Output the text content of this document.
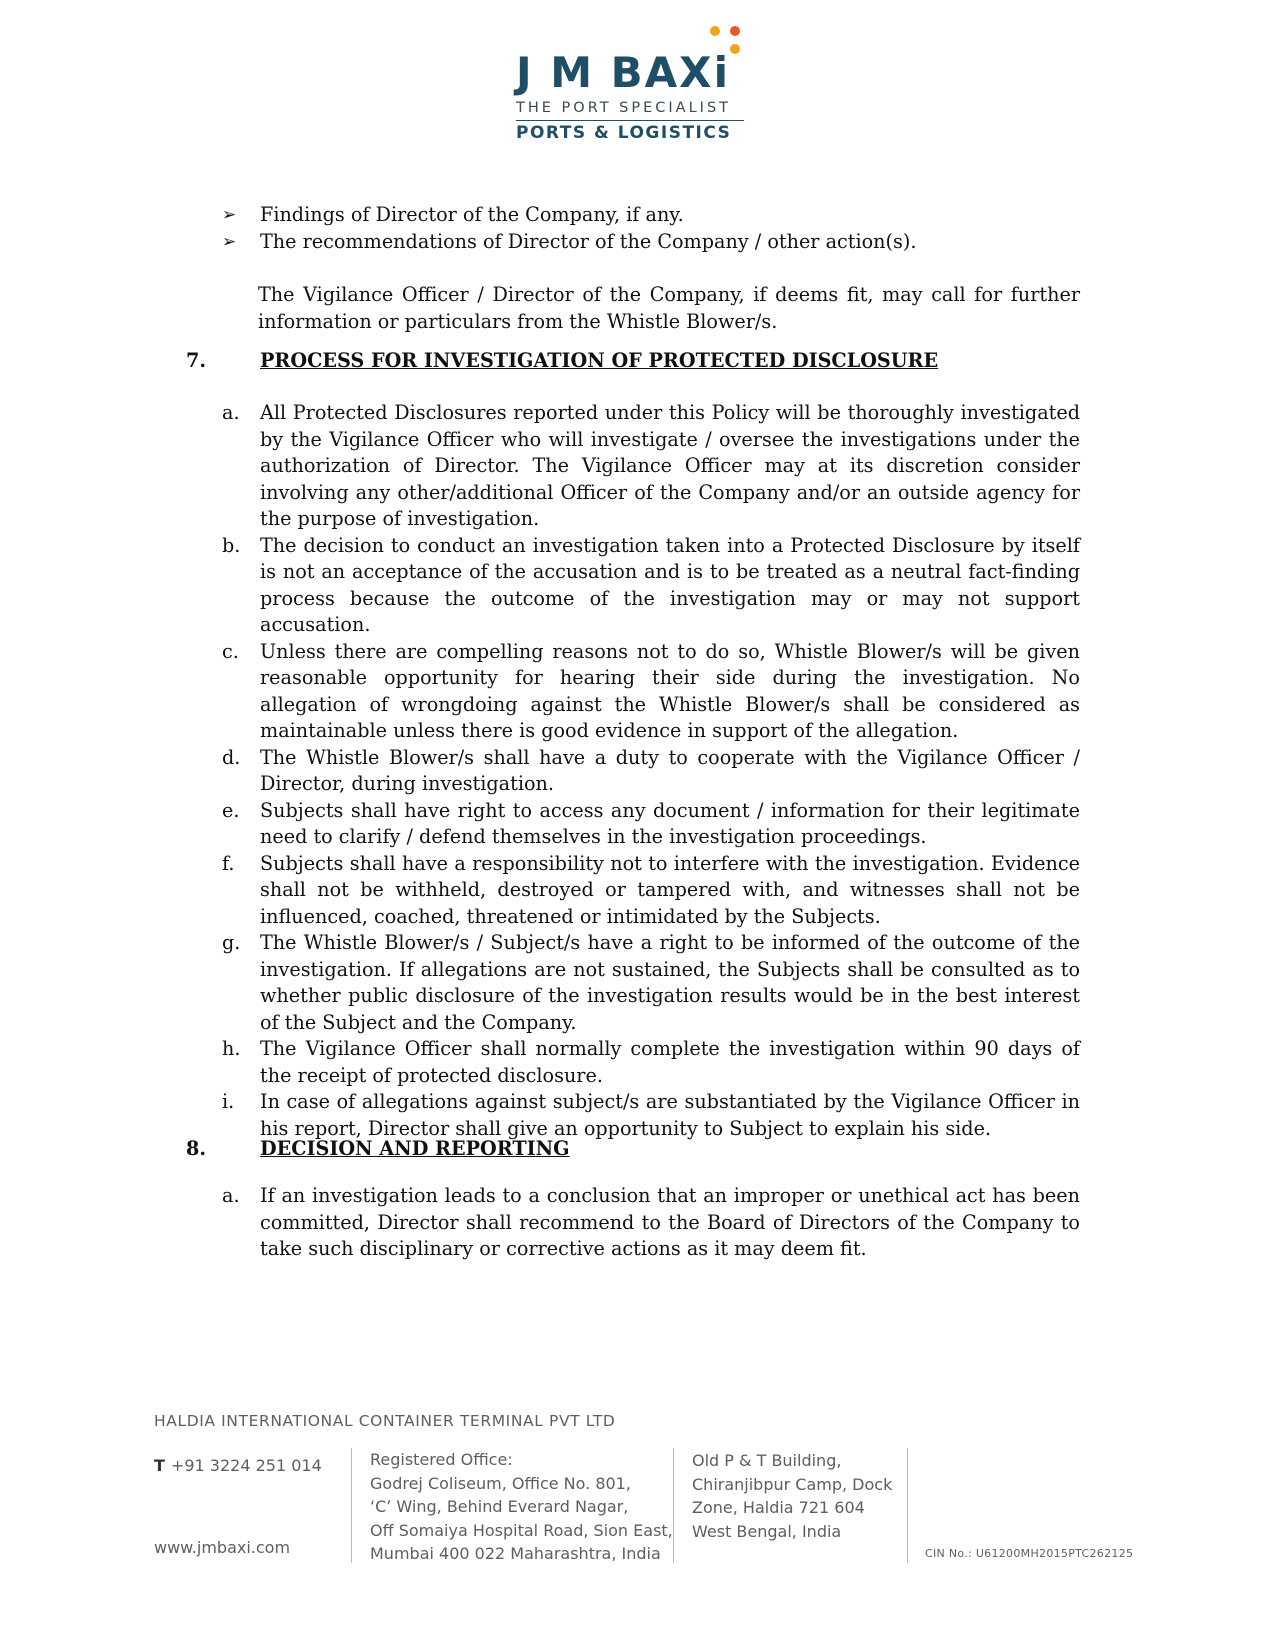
J M BAXi
THE PORT SPECIALIST
PORTS & LOGISTICS
➢ Findings of Director of the Company, if any.
➢ The recommendations of Director of the Company / other action(s).
The Vigilance Officer / Director of the Company, if deems fit, may call for further information or particulars from the Whistle Blower/s.
7.	PROCESS FOR INVESTIGATION OF PROTECTED DISCLOSURE
a. All Protected Disclosures reported under this Policy will be thoroughly investigated by the Vigilance Officer who will investigate / oversee the investigations under the authorization of Director. The Vigilance Officer may at its discretion consider involving any other/additional Officer of the Company and/or an outside agency for the purpose of investigation.
b. The decision to conduct an investigation taken into a Protected Disclosure by itself is not an acceptance of the accusation and is to be treated as a neutral fact-finding process because the outcome of the investigation may or may not support accusation.
c. Unless there are compelling reasons not to do so, Whistle Blower/s will be given reasonable opportunity for hearing their side during the investigation. No allegation of wrongdoing against the Whistle Blower/s shall be considered as maintainable unless there is good evidence in support of the allegation.
d. The Whistle Blower/s shall have a duty to cooperate with the Vigilance Officer / Director, during investigation.
e. Subjects shall have right to access any document / information for their legitimate need to clarify / defend themselves in the investigation proceedings.
f. Subjects shall have a responsibility not to interfere with the investigation. Evidence shall not be withheld, destroyed or tampered with, and witnesses shall not be influenced, coached, threatened or intimidated by the Subjects.
g. The Whistle Blower/s / Subject/s have a right to be informed of the outcome of the investigation. If allegations are not sustained, the Subjects shall be consulted as to whether public disclosure of the investigation results would be in the best interest of the Subject and the Company.
h. The Vigilance Officer shall normally complete the investigation within 90 days of the receipt of protected disclosure.
i. In case of allegations against subject/s are substantiated by the Vigilance Officer in his report, Director shall give an opportunity to Subject to explain his side.
8.	DECISION AND REPORTING
a. If an investigation leads to a conclusion that an improper or unethical act has been committed, Director shall recommend to the Board of Directors of the Company to take such disciplinary or corrective actions as it may deem fit.
HALDIA INTERNATIONAL CONTAINER TERMINAL PVT LTD
T +91 3224 251 014
www.jmbaxi.com
Registered Office:
Godrej Coliseum, Office No. 801,
‘C’ Wing, Behind Everard Nagar,
Off Somaiya Hospital Road, Sion East,
Mumbai 400 022 Maharashtra, India
Old P & T Building,
Chiranjibpur Camp, Dock
Zone, Haldia 721 604
West Bengal, India
CIN No.: U61200MH2015PTC262125
